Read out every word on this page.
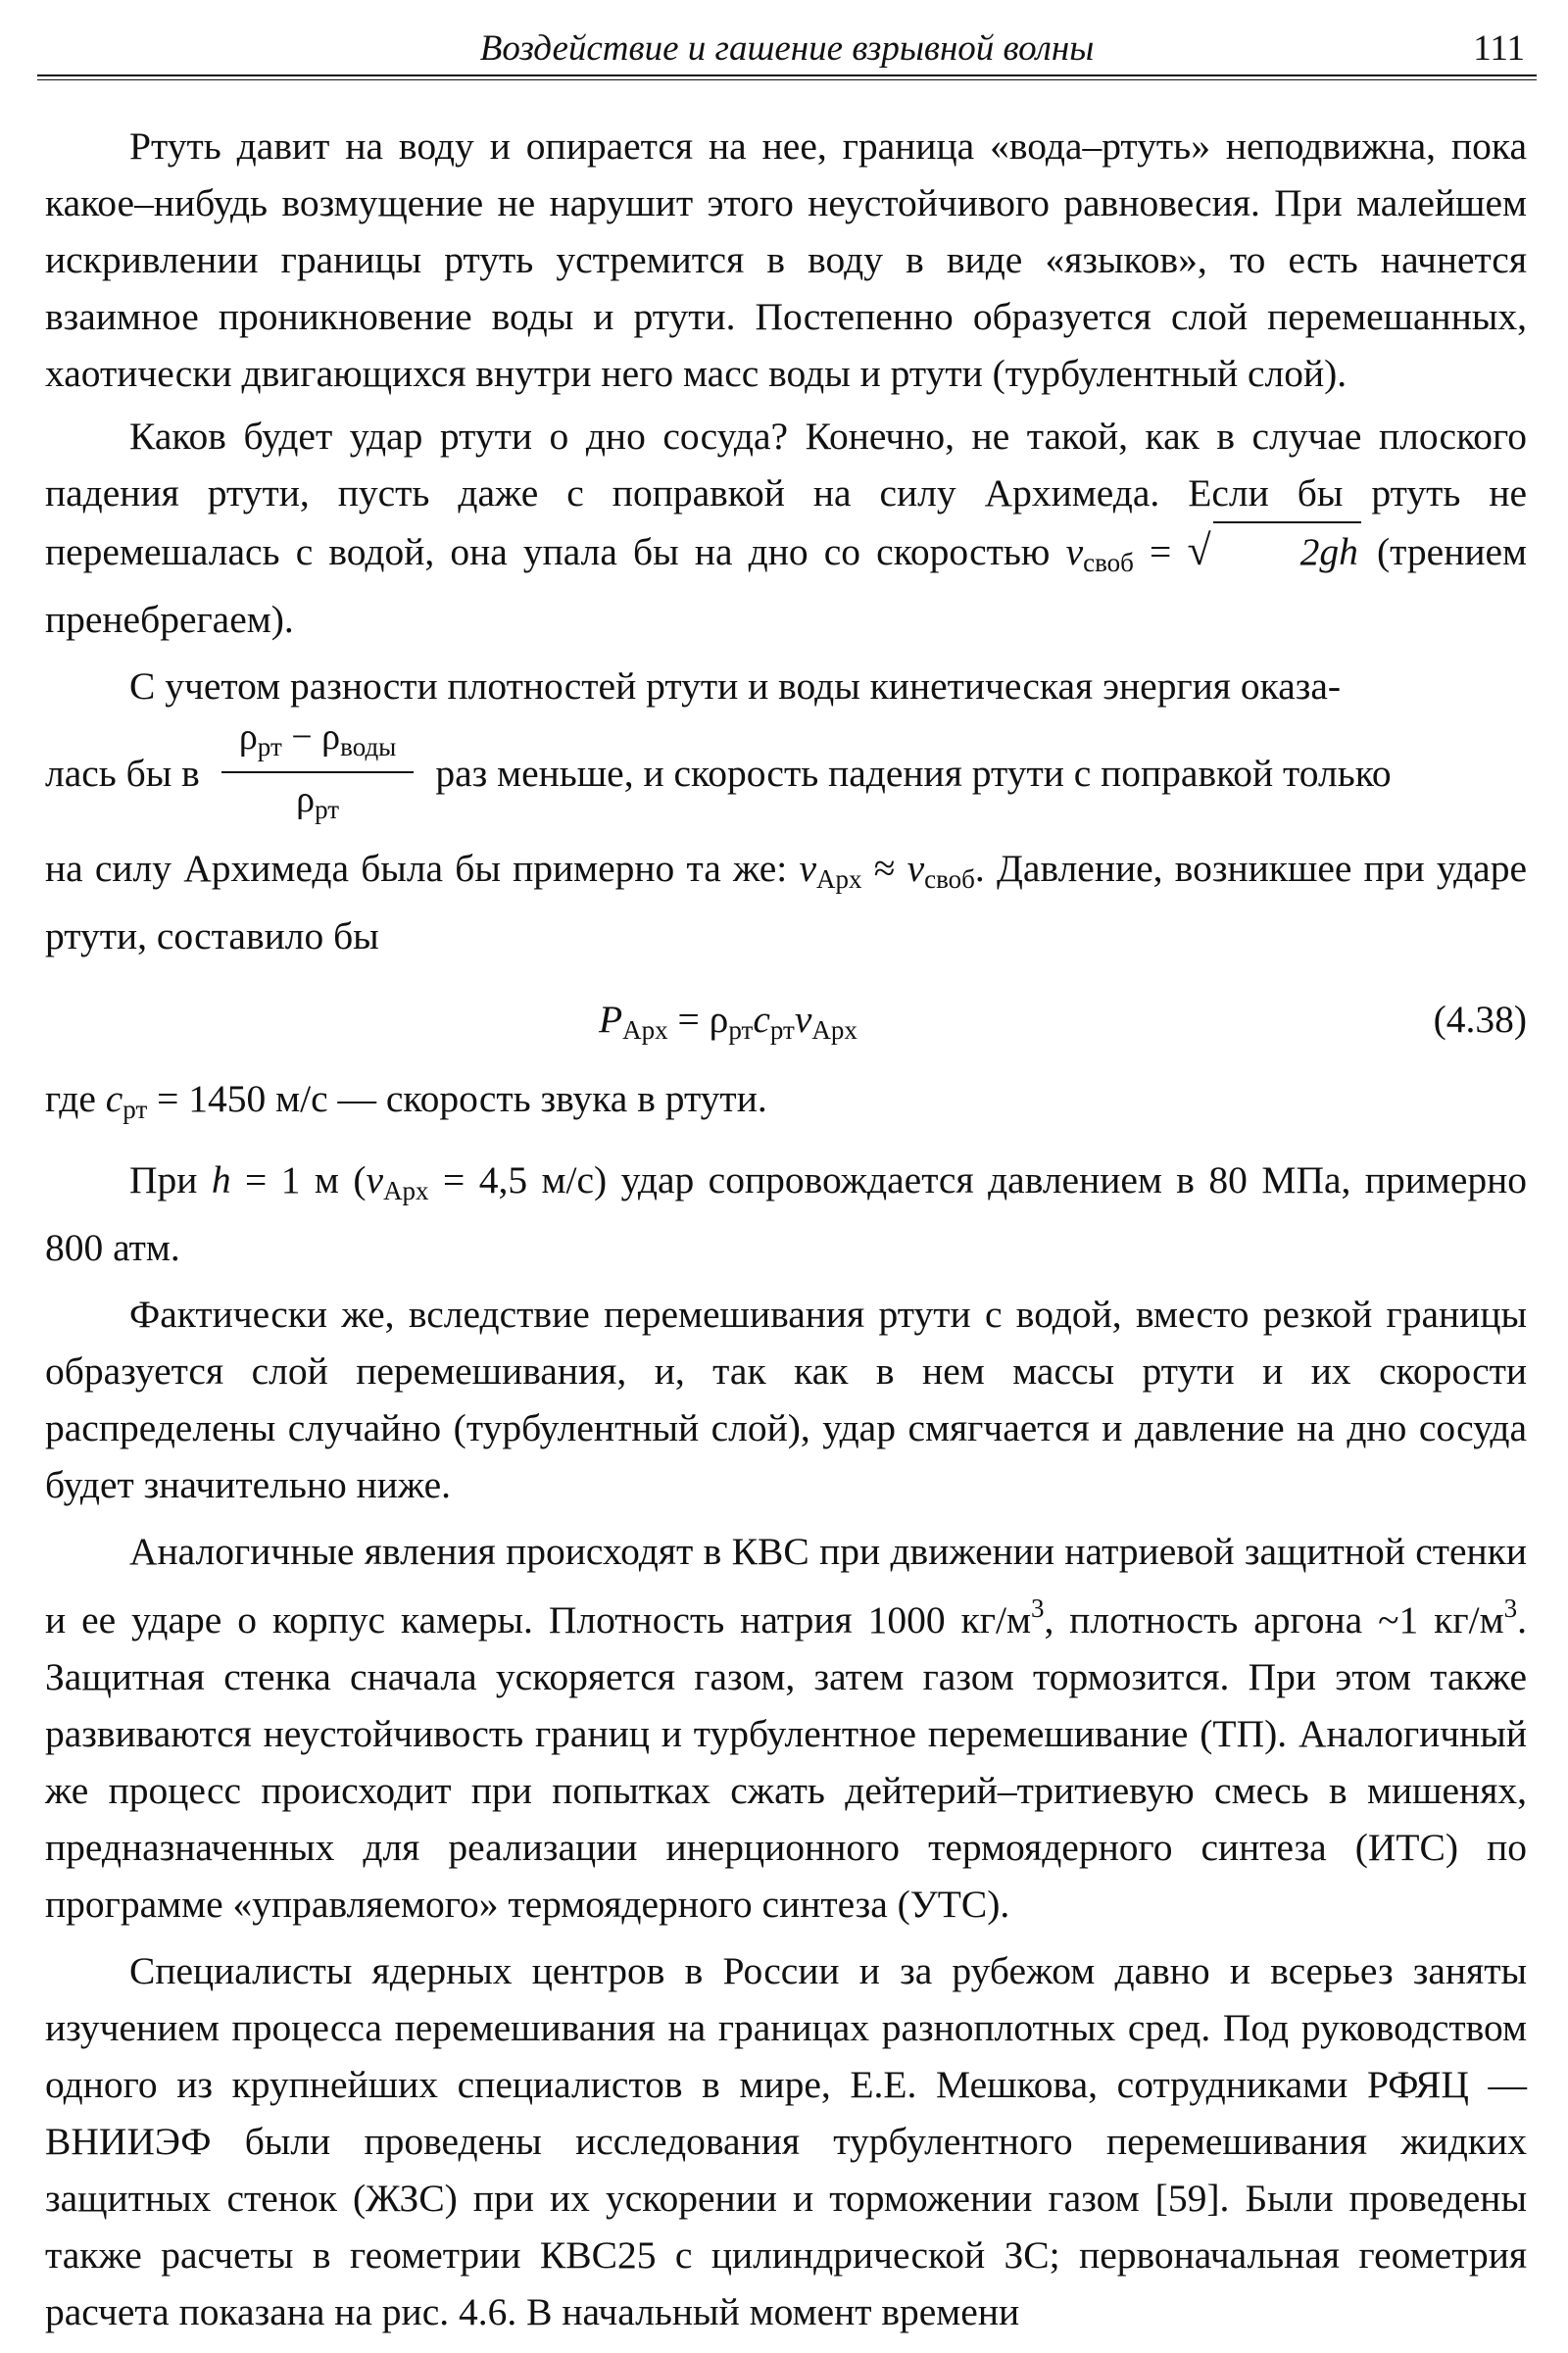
Воздействие и гашение взрывной волны	111

Ртуть давит на воду и опирается на нее, граница «вода–ртуть» неподвижна, пока какое–нибудь возмущение не нарушит этого неустойчивого равновесия. При малейшем искривлении границы ртуть устремится в воду в виде «языков», то есть начнется взаимное проникновение воды и ртути. Постепенно образуется слой перемешанных, хаотически двигающихся внутри него масс воды и ртути (турбулентный слой).

Каков будет удар ртути о дно сосуда? Конечно, не такой, как в случае плоского падения ртути, пусть даже с поправкой на силу Архимеда. Если бы ртуть не перемешалась с водой, она упала бы на дно со скоростью $v_{своб}$ = √ 2gh (трением пренебрегаем).

С учетом разности плотностей ртути и воды кинетическая энергия оказа-

лась бы в $\frac{\rho_{рт} - \rho_{воды}}{\rho_{рт}}$ раз меньше, и скорость падения ртути с поправкой только

на силу Архимеда была бы примерно та же: $v_{Арх} \approx v_{своб}$. Давление, возникшее при ударе ртути, составило бы

$P_{Арх} = \rho_{рт}c_{рт}v_{Арх}$	(4.38)

где $c_{рт} = 1450$ м/с — скорость звука в ртути.

При h = 1 м ($v_{Арх} = 4,5$ м/с) удар сопровождается давлением в 80 МПа, примерно 800 атм.

Фактически же, вследствие перемешивания ртути с водой, вместо резкой границы образуется слой перемешивания, и, так как в нем массы ртути и их скорости распределены случайно (турбулентный слой), удар смягчается и давление на дно сосуда будет значительно ниже.

Аналогичные явления происходят в КВС при движении натриевой защитной стенки и ее ударе о корпус камеры. Плотность натрия 1000 $кг/м^3$, плотность аргона ~1 $кг/м^3$. Защитная стенка сначала ускоряется газом, затем газом тормозится. При этом также развиваются неустойчивость границ и турбулентное перемешивание (ТП). Аналогичный же процесс происходит при попытках сжать дейтерий–тритиевую смесь в мишенях, предназначенных для реализации инерционного термоядерного синтеза (ИТС) по программе «управляемого» термоядерного синтеза (УТС).

Специалисты ядерных центров в России и за рубежом давно и всерьез заняты изучением процесса перемешивания на границах разноплотных сред. Под руководством одного из крупнейших специалистов в мире, Е.Е. Мешкова, сотрудниками РФЯЦ — ВНИИЭФ были проведены исследования турбулентного перемешивания жидких защитных стенок (ЖЗС) при их ускорении и торможении газом [59]. Были проведены также расчеты в геометрии КВС25 с цилиндрической ЗС; первоначальная геометрия расчета показана на рис. 4.6. В начальный момент времени
